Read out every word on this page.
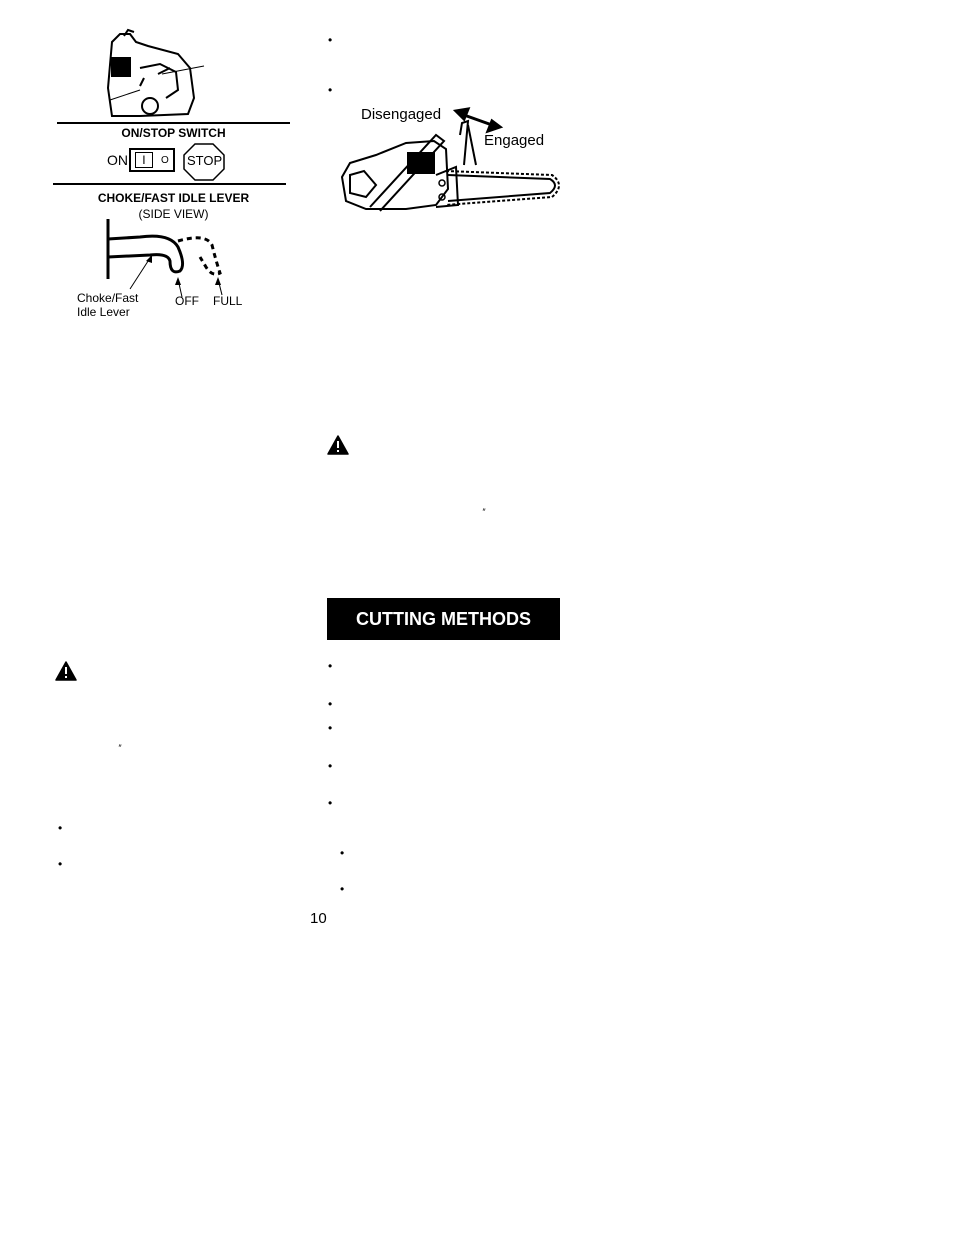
ON/STOP SWITCH
ON	I	O STOP
CHOKE/FAST IDLE LEVER
(SIDE VIEW)
Choke/Fast
Idle Lever
OFF FULL
″
•
•
•
•
Disengaged
Engaged
″
CUTTING METHODS
•
•
•
•
•
•
•
10
